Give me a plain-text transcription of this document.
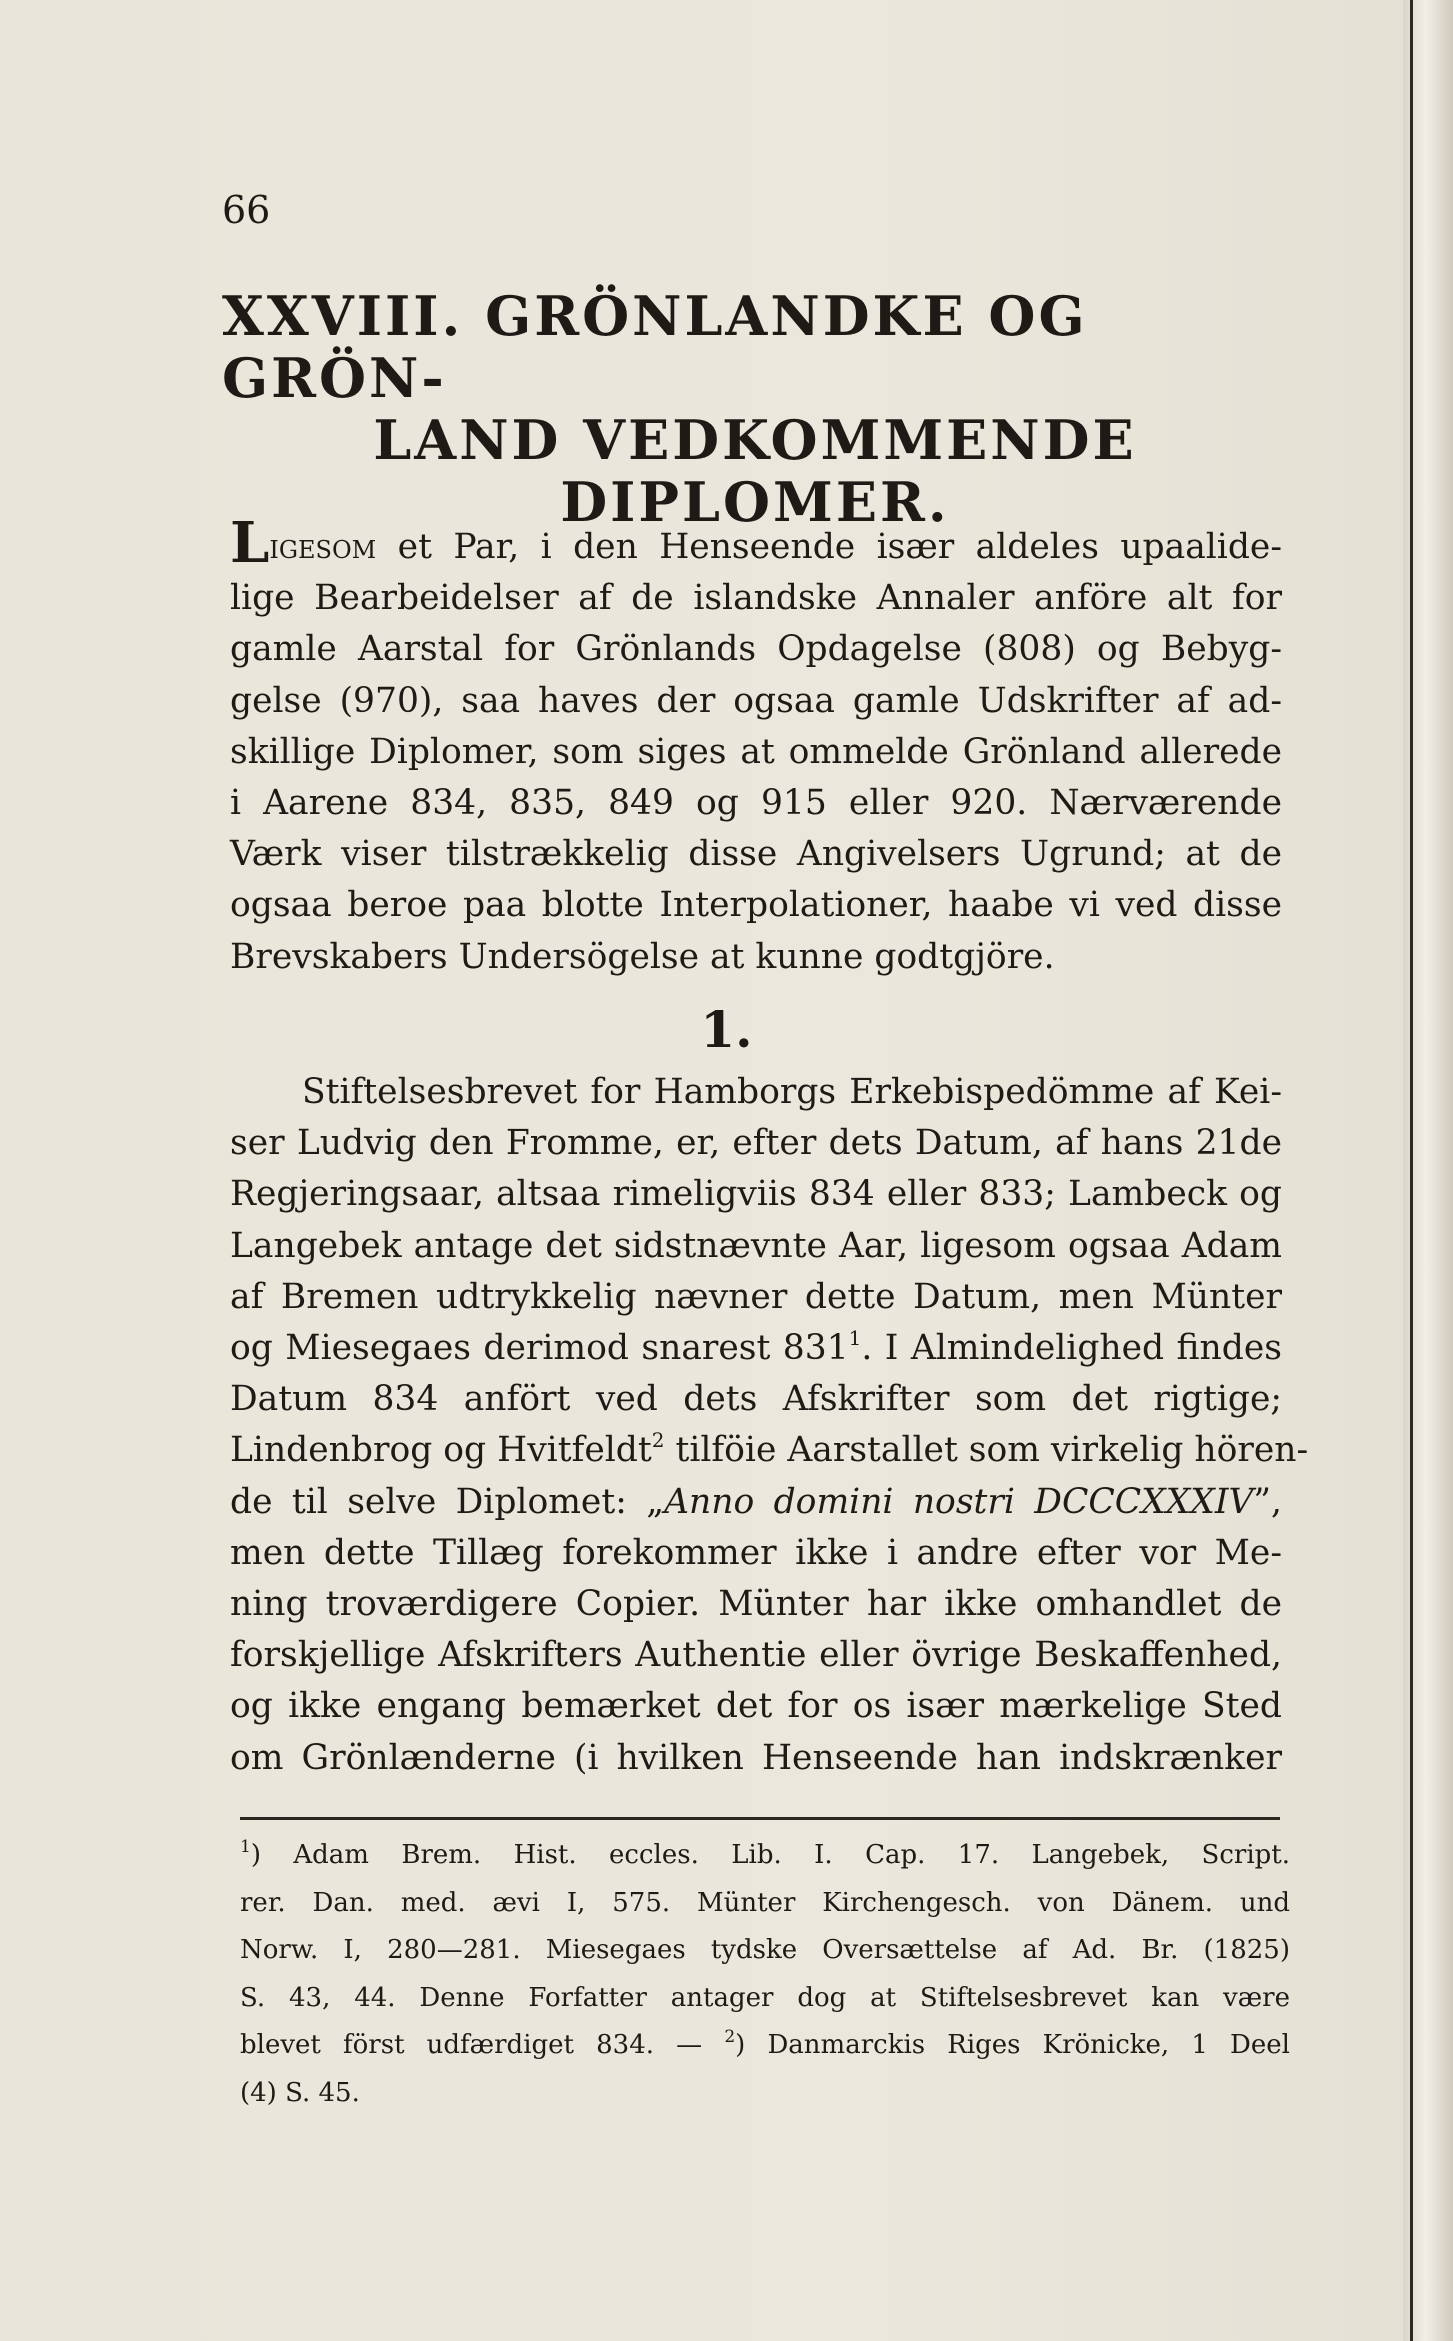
66
XXVIII. GRÖNLANDKE OG GRÖN-
LAND VEDKOMMENDE
DIPLOMER.
Ligesom et Par, i den Henseende især aldeles upaalide-
lige Bearbeidelser af de islandske Annaler anföre alt for
gamle Aarstal for Grönlands Opdagelse (808) og Bebyg-
gelse (970), saa haves der ogsaa gamle Udskrifter af ad-
skillige Diplomer, som siges at ommelde Grönland allerede
i Aarene 834, 835, 849 og 915 eller 920. Nærværende
Værk viser tilstrækkelig disse Angivelsers Ugrund; at de
ogsaa beroe paa blotte Interpolationer, haabe vi ved disse
Brevskabers Undersögelse at kunne godtgjöre.
1.
Stiftelsesbrevet for Hamborgs Erkebispedömme af Kei-
ser Ludvig den Fromme, er, efter dets Datum, af hans 21de
Regjeringsaar, altsaa rimeligviis 834 eller 833; Lambeck og
Langebek antage det sidstnævnte Aar, ligesom ogsaa Adam
af Bremen udtrykkelig nævner dette Datum, men Münter
og Miesegaes derimod snarest $831^1$. I Almindelighed findes
Datum 834 anfört ved dets Afskrifter som det rigtige;
Lindenbrog og Hvitfeldt$^2$ tilföie Aarstallet som virkelig hören-
de til selve Diplomet: „Anno domini nostri DCCCXXXIV”,
men dette Tillæg forekommer ikke i andre efter vor Me-
ning troværdigere Copier. Münter har ikke omhandlet de
forskjellige Afskrifters Authentie eller övrige Beskaffenhed,
og ikke engang bemærket det for os især mærkelige Sted
om Grönlænderne (i hvilken Henseende han indskrænker
$^1$) Adam Brem. Hist. eccles. Lib. I. Cap. 17. Langebek, Script.
rer. Dan. med. ævi I, 575. Münter Kirchengesch. von Dänem. und
Norw. I, 280—281. Miesegaes tydske Oversættelse af Ad. Br. (1825)
S. 43, 44. Denne Forfatter antager dog at Stiftelsesbrevet kan være
blevet först udfærdiget 834. — $^2$) Danmarckis Riges Krönicke, 1 Deel
(4) S. 45.
